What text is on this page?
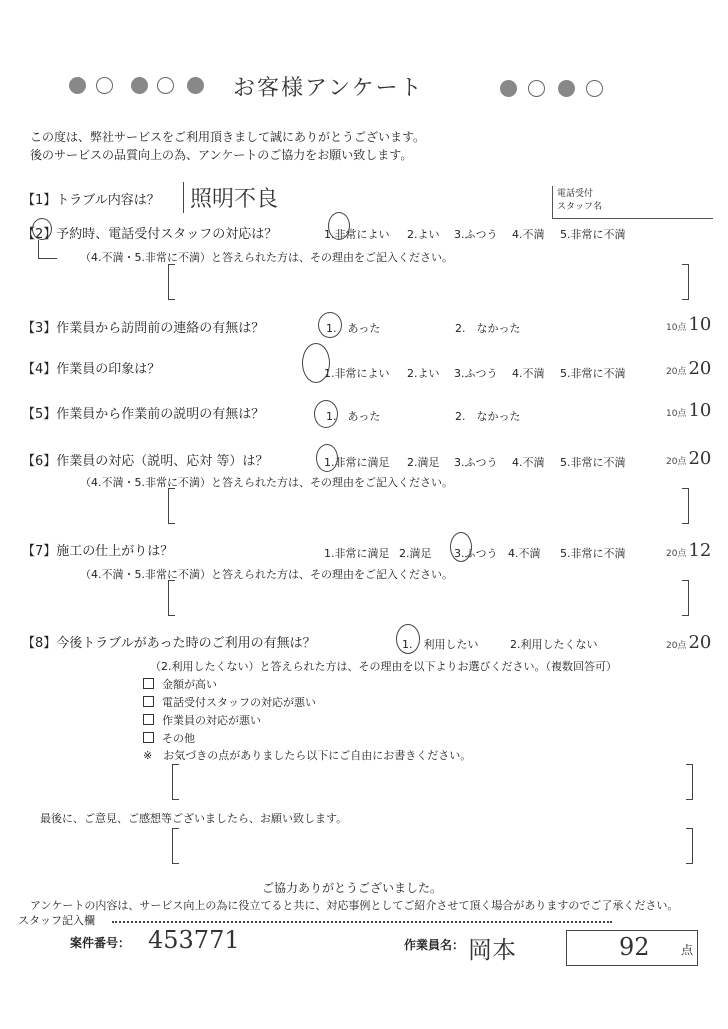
お客様アンケート
この度は、弊社サービスをご利用頂きまして誠にありがとうございます。
後のサービスの品質向上の為、アンケートのご協力をお願い致します。
電話受付
スタッフ名
【1】トラブル内容は？	照明不良
【2】予約時、電話受付スタッフの対応は？	1.非常によい 2.よい 3.ふつう 4.不満 5.非常に不満
（4.不満・5.非常に不満）と答えられた方は、その理由をご記入ください。
【3】作業員から訪問前の連絡の有無は？	1.　あった	2.　なかった	10点 10
【4】作業員の印象は？	1.非常によい 2.よい 3.ふつう 4.不満 5.非常に不満	20点 20
【5】作業員から作業前の説明の有無は？	1.　あった	2.　なかった	10点 10
【6】作業員の対応（説明、応対 等）は？	1.非常に満足 2.満足 3.ふつう 4.不満 5.非常に不満	20点 20
（4.不満・5.非常に不満）と答えられた方は、その理由をご記入ください。
【7】施工の仕上がりは？	1.非常に満足 2.満足 3.ふつう 4.不満 5.非常に不満	20点 12
（4.不満・5.非常に不満）と答えられた方は、その理由をご記入ください。
【8】今後トラブルがあった時のご利用の有無は？	1.　利用したい	2.利用したくない	20点 20
（2.利用したくない）と答えられた方は、その理由を以下よりお選びください。（複数回答可）
金額が高い
電話受付スタッフの対応が悪い
作業員の対応が悪い
その他
※　お気づきの点がありましたら以下にご自由にお書きください。
最後に、ご意見、ご感想等ございましたら、お願い致します。
ご協力ありがとうございました。
アンケートの内容は、サービス向上の為に役立てると共に、対応事例としてご紹介させて頂く場合がありますのでご了承ください。
スタッフ記入欄
案件番号： 453771	作業員名： 岡本	92	点
